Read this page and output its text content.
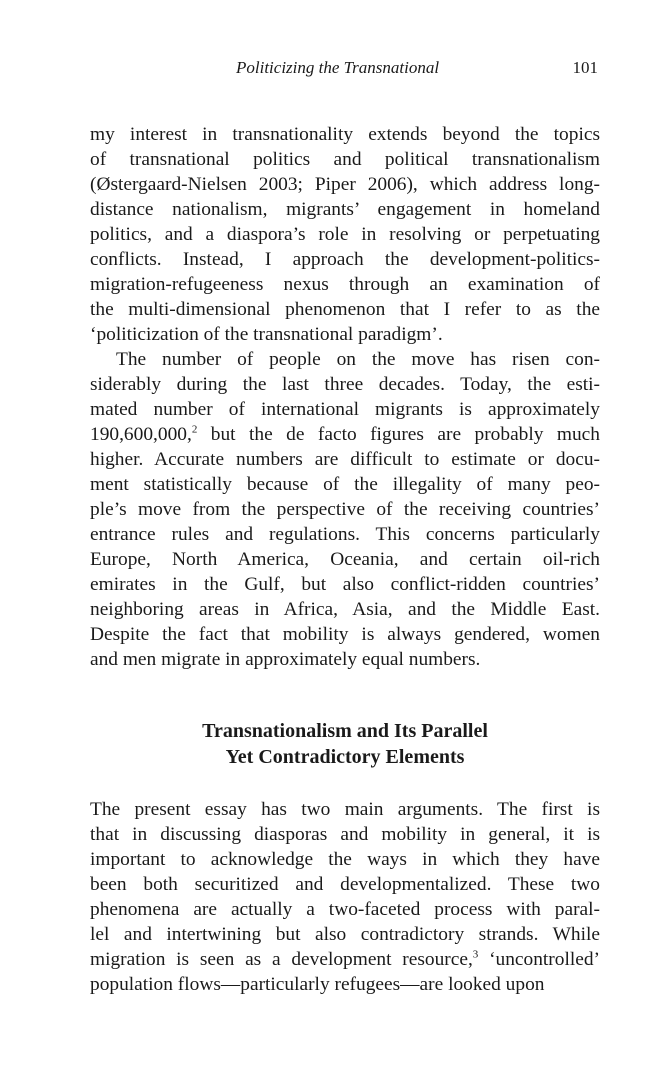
Politicizing the Transnational	101
my interest in transnationality extends beyond the topics
of transnational politics and political transnationalism
(Østergaard-Nielsen 2003; Piper 2006), which address long-
distance nationalism, migrants’ engagement in homeland
politics, and a diaspora’s role in resolving or perpetuating
conflicts. Instead, I approach the development-politics-
migration-refugeeness nexus through an examination of
the multi-dimensional phenomenon that I refer to as the
‘politicization of the transnational paradigm’.
The number of people on the move has risen con-
siderably during the last three decades. Today, the esti-
mated number of international migrants is approximately
190,600,000,$^2$ but the de facto figures are probably much
higher. Accurate numbers are difficult to estimate or docu-
ment statistically because of the illegality of many peo-
ple’s move from the perspective of the receiving countries’
entrance rules and regulations. This concerns particularly
Europe, North America, Oceania, and certain oil-rich
emirates in the Gulf, but also conflict-ridden countries’
neighboring areas in Africa, Asia, and the Middle East.
Despite the fact that mobility is always gendered, women
and men migrate in approximately equal numbers.
Transnationalism and Its Parallel
Yet Contradictory Elements
The present essay has two main arguments. The first is
that in discussing diasporas and mobility in general, it is
important to acknowledge the ways in which they have
been both securitized and developmentalized. These two
phenomena are actually a two-faceted process with paral-
lel and intertwining but also contradictory strands. While
migration is seen as a development resource,$^3$ ‘uncontrolled’
population flows—particularly refugees—are looked upon
